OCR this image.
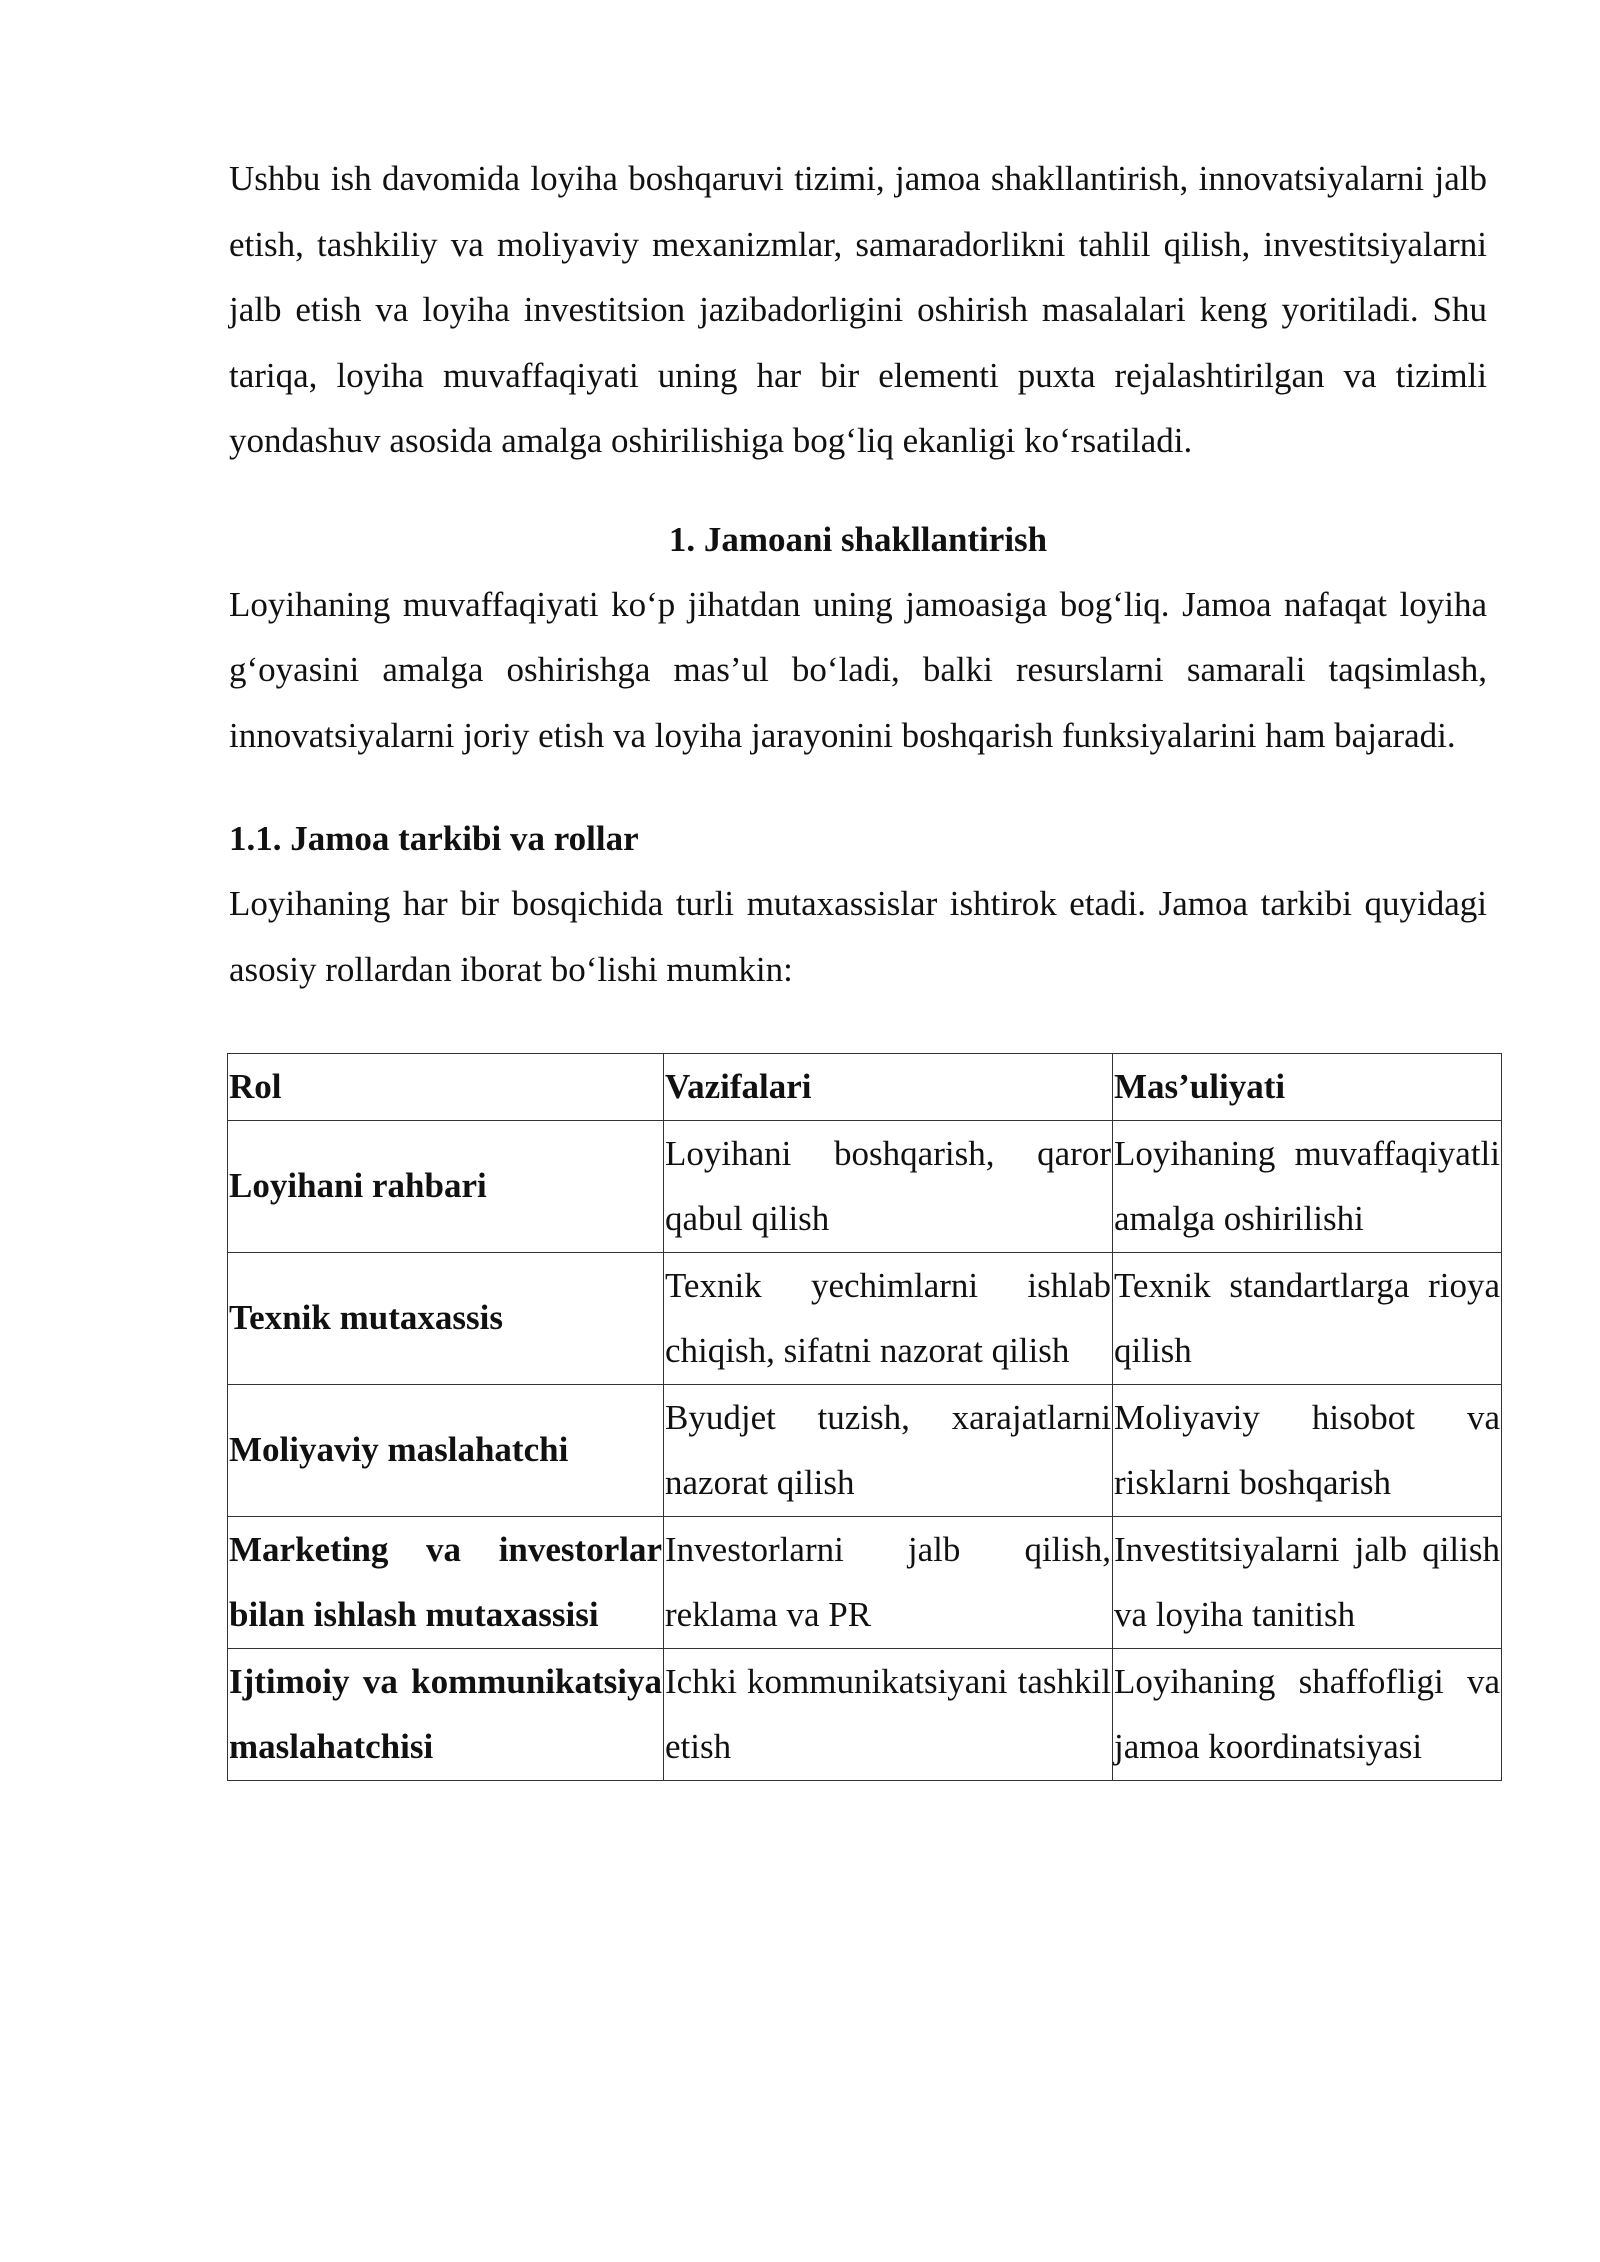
Ushbu ish davomida loyiha boshqaruvi tizimi, jamoa shakllantirish, innovatsiyalarni jalb etish, tashkiliy va moliyaviy mexanizmlar, samaradorlikni tahlil qilish, investitsiyalarni jalb etish va loyiha investitsion jazibadorligini oshirish masalalari keng yoritiladi. Shu tariqa, loyiha muvaffaqiyati uning har bir elementi puxta rejalashtirilgan va tizimli yondashuv asosida amalga oshirilishiga bog‘liq ekanligi ko‘rsatiladi.

1. Jamoani shakllantirish

Loyihaning muvaffaqiyati ko‘p jihatdan uning jamoasiga bog‘liq. Jamoa nafaqat loyiha g‘oyasini amalga oshirishga mas’ul bo‘ladi, balki resurslarni samarali taqsimlash, innovatsiyalarni joriy etish va loyiha jarayonini boshqarish funksiyalarini ham bajaradi.

1.1. Jamoa tarkibi va rollar

Loyihaning har bir bosqichida turli mutaxassislar ishtirok etadi. Jamoa tarkibi quyidagi asosiy rollardan iborat bo‘lishi mumkin:

Rol	Vazifalari	Mas’uliyati
Loyihani rahbari	Loyihani boshqarish, qaror qabul qilish	Loyihaning muvaffaqiyatli amalga oshirilishi
Texnik mutaxassis	Texnik yechimlarni ishlab chiqish, sifatni nazorat qilish	Texnik standartlarga rioya qilish
Moliyaviy maslahatchi	Byudjet tuzish, xarajatlarni nazorat qilish	Moliyaviy hisobot va risklarni boshqarish
Marketing va investorlar bilan ishlash mutaxassisi	Investorlarni jalb qilish, reklama va PR	Investitsiyalarni jalb qilish va loyiha tanitish
Ijtimoiy va kommunikatsiya maslahatchisi	Ichki kommunikatsiyani tashkil etish	Loyihaning shaffofligi va jamoa koordinatsiyasi
